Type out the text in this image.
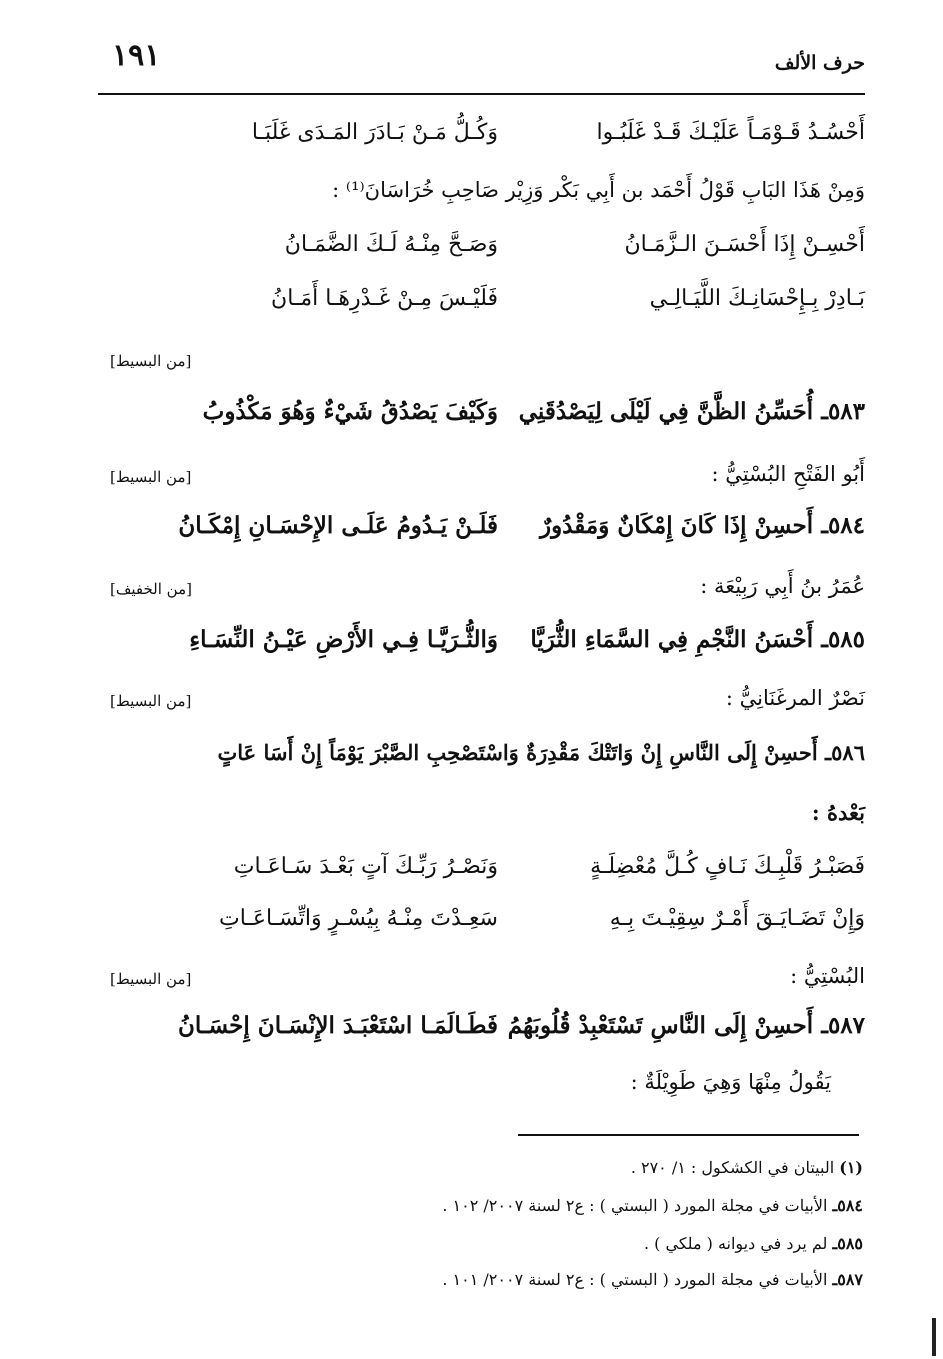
١٩١	حرف الألف
أَحْسُـدُ قَـوْمَـاً عَلَيْـكَ قَـدْ غَلَبُـوا
وَكُـلُّ مَـنْ بَـادَرَ المَـدَى غَلَبَـا
وَمِنْ هَذَا البَابِ قَوْلُ أَحْمَد بن أَبِي بَكْر وَزِيْر صَاحِبِ خُرَاسَانَ⁽¹⁾ :
أَحْسِـنْ إِذَا أَحْسَـنَ الـزَّمَـانُ
وَصَـحَّ مِنْـهُ لَـكَ الضَّمَـانُ
بَـادِرْ بِـإِحْسَانِـكَ اللَّيَـالِـي
فَلَيْـسَ مِـنْ غَـدْرِهَـا أَمَـانُ
[من البسيط]
٥٨٣ـ أُحَسِّنُ الظَّنَّ فِي لَيْلَى لِيَصْدُقَنِي
وَكَيْفَ يَصْدُقُ شَيْءٌ وَهُوَ مَكْذُوبُ
أَبُو الفَتْحِ البُسْتِيُّ :
[من البسيط]
٥٨٤ـ أَحسِنْ إِذَا كَانَ إِمْكَانٌ وَمَقْدُورٌ
فَلَـنْ يَـدُومُ عَلَـى الإِحْسَـانِ إِمْكَـانُ
عُمَرُ بنُ أَبِي رَبِيْعَة :
[من الخفيف]
٥٨٥ـ أَحْسَنُ النَّجْمِ فِي السَّمَاءِ الثُّرَيَّا
وَالثُّـرَيَّـا فِـي الأَرْضِ عَيْـنُ النِّسَـاءِ
نَصْرٌ المرغَنَانِيُّ :
[من البسيط]
٥٨٦ـ أَحسِنْ إِلَى النَّاسِ إِنْ وَاتَتْكَ مَقْدِرَةٌ وَاسْتَصْحِبِ الصَّبْرَ يَوْمَاً إِنْ أَسَا عَاتٍ
بَعْدهُ :
فَصَبْـرُ قَلْبِـكَ نَـافٍ كُـلَّ مُعْضِلَـةٍ
وَنَصْـرُ رَبِّـكَ آتٍ بَعْـدَ سَـاعَـاتِ
وَإِنْ تَضَـايَـقَ أَمْـرٌ سِقِيْـتَ بِـهِ
سَعِـدْتَ مِنْـهُ بِيُسْـرٍ وَاتِّسَـاعَـاتِ
البُسْتِيُّ :
[من البسيط]
٥٨٧ـ أَحسِنْ إِلَى النَّاسِ تَسْتَعْبِدْ قُلُوبَهُمُ
فَطَـالَمَـا اسْتَعْبَـدَ الإِنْسَـانَ إِحْسَـانُ
يَقُولُ مِنْهَا وَهِيَ طَوِيْلَةٌ :
(١) البيتان في الكشكول : ١/ ٢٧٠ .
٥٨٤ـ الأبيات في مجلة المورد ( البستي ) : ع٢ لسنة ٢٠٠٧/ ١٠٢ .
٥٨٥ـ لم يرد في ديوانه ( ملكي ) .
٥٨٧ـ الأبيات في مجلة المورد ( البستي ) : ع٢ لسنة ٢٠٠٧/ ١٠١ .
